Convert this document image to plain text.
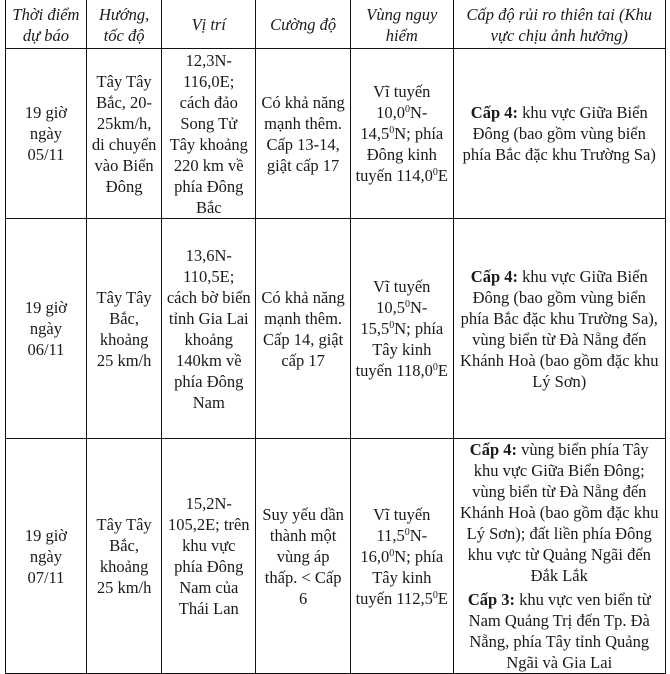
Thời điểm dự báo	Hướng, tốc độ	Vị trí	Cường độ	Vùng nguy hiểm	Cấp độ rủi ro thiên tai (Khu vực chịu ảnh hưởng)
19 giờ ngày 05/11	Tây Tây Bắc, 20-25km/h, di chuyển vào Biển Đông	12,3N-116,0E; cách đảo Song Tử Tây khoảng 220 km về phía Đông Bắc	Có khả năng mạnh thêm. Cấp 13-14, giật cấp 17	Vĩ tuyến 10,0$^0$N-14,5$^0$N; phía Đông kinh tuyến 114,0$^0$E	Cấp 4: khu vực Giữa Biển Đông (bao gồm vùng biển phía Bắc đặc khu Trường Sa)

19 giờ ngày 06/11	Tây Tây Bắc, khoảng 25 km/h	13,6N-110,5E; cách bờ biển tỉnh Gia Lai khoảng 140km về phía Đông Nam	Có khả năng mạnh thêm. Cấp 14, giật cấp 17	Vĩ tuyến 10,5$^0$N-15,5$^0$N; phía Tây kinh tuyến 118,0$^0$E	Cấp 4: khu vực Giữa Biển Đông (bao gồm vùng biển phía Bắc đặc khu Trường Sa), vùng biển từ Đà Nẵng đến Khánh Hoà (bao gồm đặc khu Lý Sơn)

19 giờ ngày 07/11	Tây Tây Bắc, khoảng 25 km/h	15,2N-105,2E; trên khu vực phía Đông Nam của Thái Lan	Suy yếu dần thành một vùng áp thấp. < Cấp 6	Vĩ tuyến 11,5$^0$N-16,0$^0$N; phía Tây kinh tuyến 112,5$^0$E	Cấp 4: vùng biển phía Tây khu vực Giữa Biển Đông; vùng biển từ Đà Nẵng đến Khánh Hoà (bao gồm đặc khu Lý Sơn); đất liền phía Đông khu vực từ Quảng Ngãi đến Đắk Lắk
Cấp 3: khu vực ven biển từ Nam Quảng Trị đến Tp. Đà Nẵng, phía Tây tỉnh Quảng Ngãi và Gia Lai
